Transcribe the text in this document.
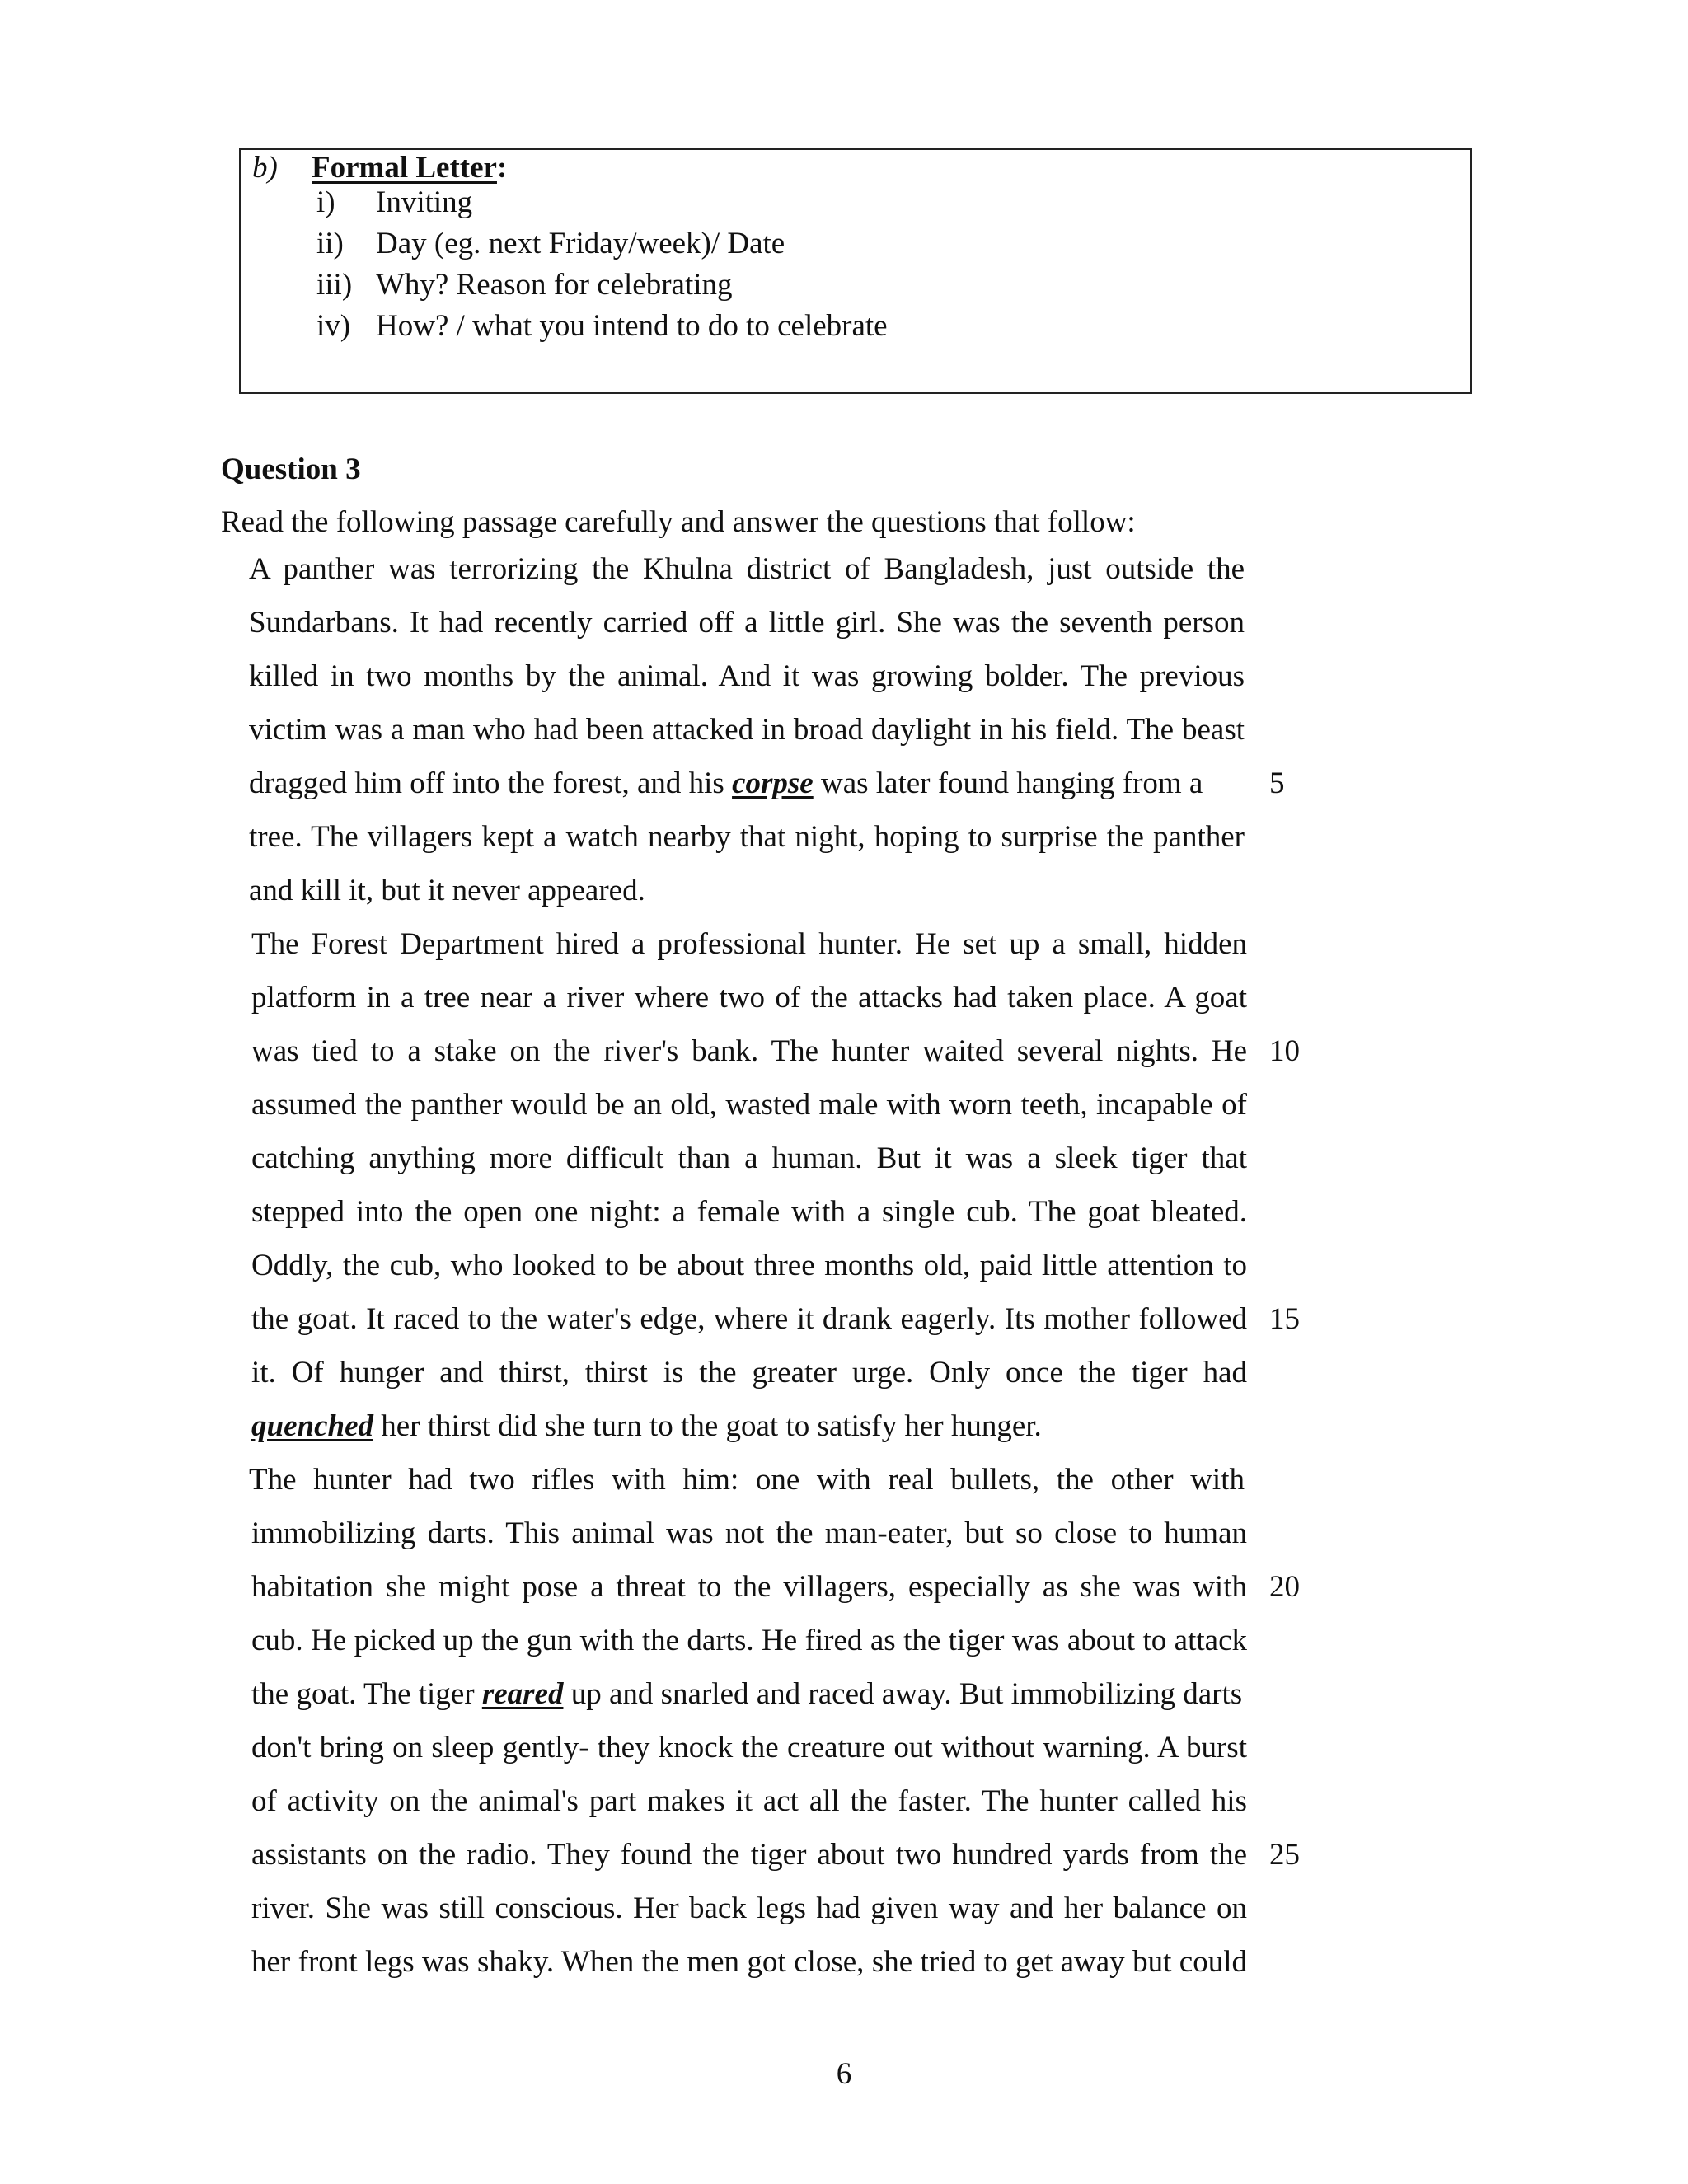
b) Formal Letter:
i) Inviting
ii) Day (eg. next Friday/week)/ Date
iii) Why? Reason for celebrating
iv) How? / what you intend to do to celebrate
Question 3
Read the following passage carefully and answer the questions that follow:
A panther was terrorizing the Khulna district of Bangladesh, just outside the
Sundarbans. It had recently carried off a little girl. She was the seventh person
killed in two months by the animal. And it was growing bolder. The previous
victim was a man who had been attacked in broad daylight in his field. The beast
dragged him off into the forest, and his corpse was later found hanging from a	5
tree. The villagers kept a watch nearby that night, hoping to surprise the panther
and kill it, but it never appeared.
The Forest Department hired a professional hunter. He set up a small, hidden
platform in a tree near a river where two of the attacks had taken place. A goat
was tied to a stake on the river's bank. The hunter waited several nights. He 10
assumed the panther would be an old, wasted male with worn teeth, incapable of
catching anything more difficult than a human. But it was a sleek tiger that
stepped into the open one night: a female with a single cub. The goat bleated.
Oddly, the cub, who looked to be about three months old, paid little attention to
the goat. It raced to the water's edge, where it drank eagerly. Its mother followed 15
it. Of hunger and thirst, thirst is the greater urge. Only once the tiger had
quenched her thirst did she turn to the goat to satisfy her hunger.
The hunter had two rifles with him: one with real bullets, the other with
immobilizing darts. This animal was not the man-eater, but so close to human
habitation she might pose a threat to the villagers, especially as she was with 20
cub. He picked up the gun with the darts. He fired as the tiger was about to attack
the goat. The tiger reared up and snarled and raced away. But immobilizing darts
don't bring on sleep gently- they knock the creature out without warning. A burst
of activity on the animal's part makes it act all the faster. The hunter called his
assistants on the radio. They found the tiger about two hundred yards from the 25
river. She was still conscious. Her back legs had given way and her balance on
her front legs was shaky. When the men got close, she tried to get away but could
6
